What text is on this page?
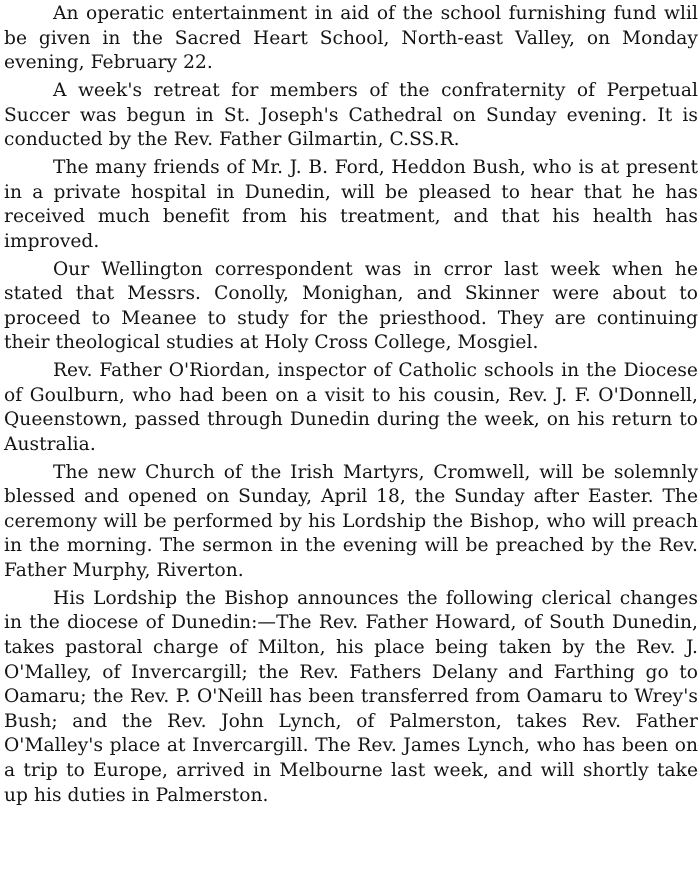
An operatic entertainment in aid of the school furnishing fund wlil be given in the Sacred Heart School, North-east Valley, on Monday evening, February 22.

A week's retreat for members of the confraternity of Perpetual Succer was begun in St. Joseph's Cathedral on Sunday evening. It is conducted by the Rev. Father Gilmartin, C.SS.R.

The many friends of Mr. J. B. Ford, Heddon Bush, who is at present in a private hospital in Dunedin, will be pleased to hear that he has received much benefit from his treatment, and that his health has improved.

Our Wellington correspondent was in crror last week when he stated that Messrs. Conolly, Monighan, and Skinner were about to proceed to Meanee to study for the priesthood. They are continuing their theological studies at Holy Cross College, Mosgiel.

Rev. Father O'Riordan, inspector of Catholic schools in the Diocese of Goulburn, who had been on a visit to his cousin, Rev. J. F. O'Donnell, Queenstown, passed through Dunedin during the week, on his return to Australia.

The new Church of the Irish Martyrs, Cromwell, will be solemnly blessed and opened on Sunday, April 18, the Sunday after Easter. The ceremony will be performed by his Lordship the Bishop, who will preach in the morning. The sermon in the evening will be preached by the Rev. Father Murphy, Riverton.

His Lordship the Bishop announces the following clerical changes in the diocese of Dunedin:—The Rev. Father Howard, of South Dunedin, takes pastoral charge of Milton, his place being taken by the Rev. J. O'Malley, of Invercargill; the Rev. Fathers Delany and Farthing go to Oamaru; the Rev. P. O'Neill has been transferred from Oamaru to Wrey's Bush; and the Rev. John Lynch, of Palmerston, takes Rev. Father O'Malley's place at Invercargill. The Rev. James Lynch, who has been on a trip to Europe, arrived in Melbourne last week, and will shortly take up his duties in Palmerston.
